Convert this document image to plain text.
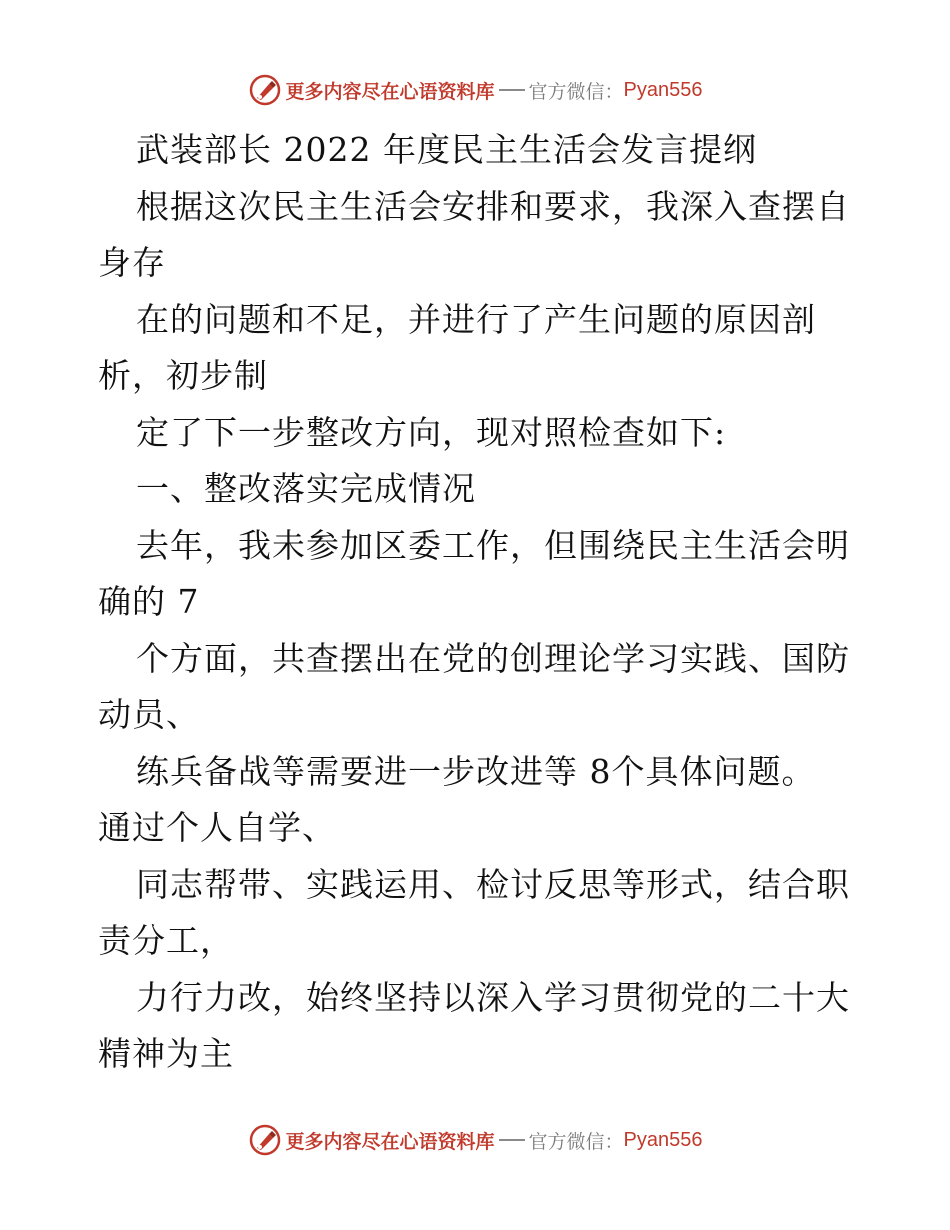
更多内容尽在心语资料库 官方微信： Pyan556
武装部长 2022 年度民主生活会发言提纲
根据这次民主生活会安排和要求，我深入查摆自
身存
在的问题和不足，并进行了产生问题的原因剖
析，初步制
定了下一步整改方向，现对照检查如下:
一、整改落实完成情况
去年，我未参加区委工作，但围绕民主生活会明
确的 7
个方面，共查摆出在党的创理论学习实践、国防
动员、
练兵备战等需要进一步改进等 8个具体问题。
通过个人自学、
同志帮带、实践运用、检讨反思等形式，结合职
责分工，
力行力改，始终坚持以深入学习贯彻党的二十大
精神为主
更多内容尽在心语资料库 官方微信： Pyan556
